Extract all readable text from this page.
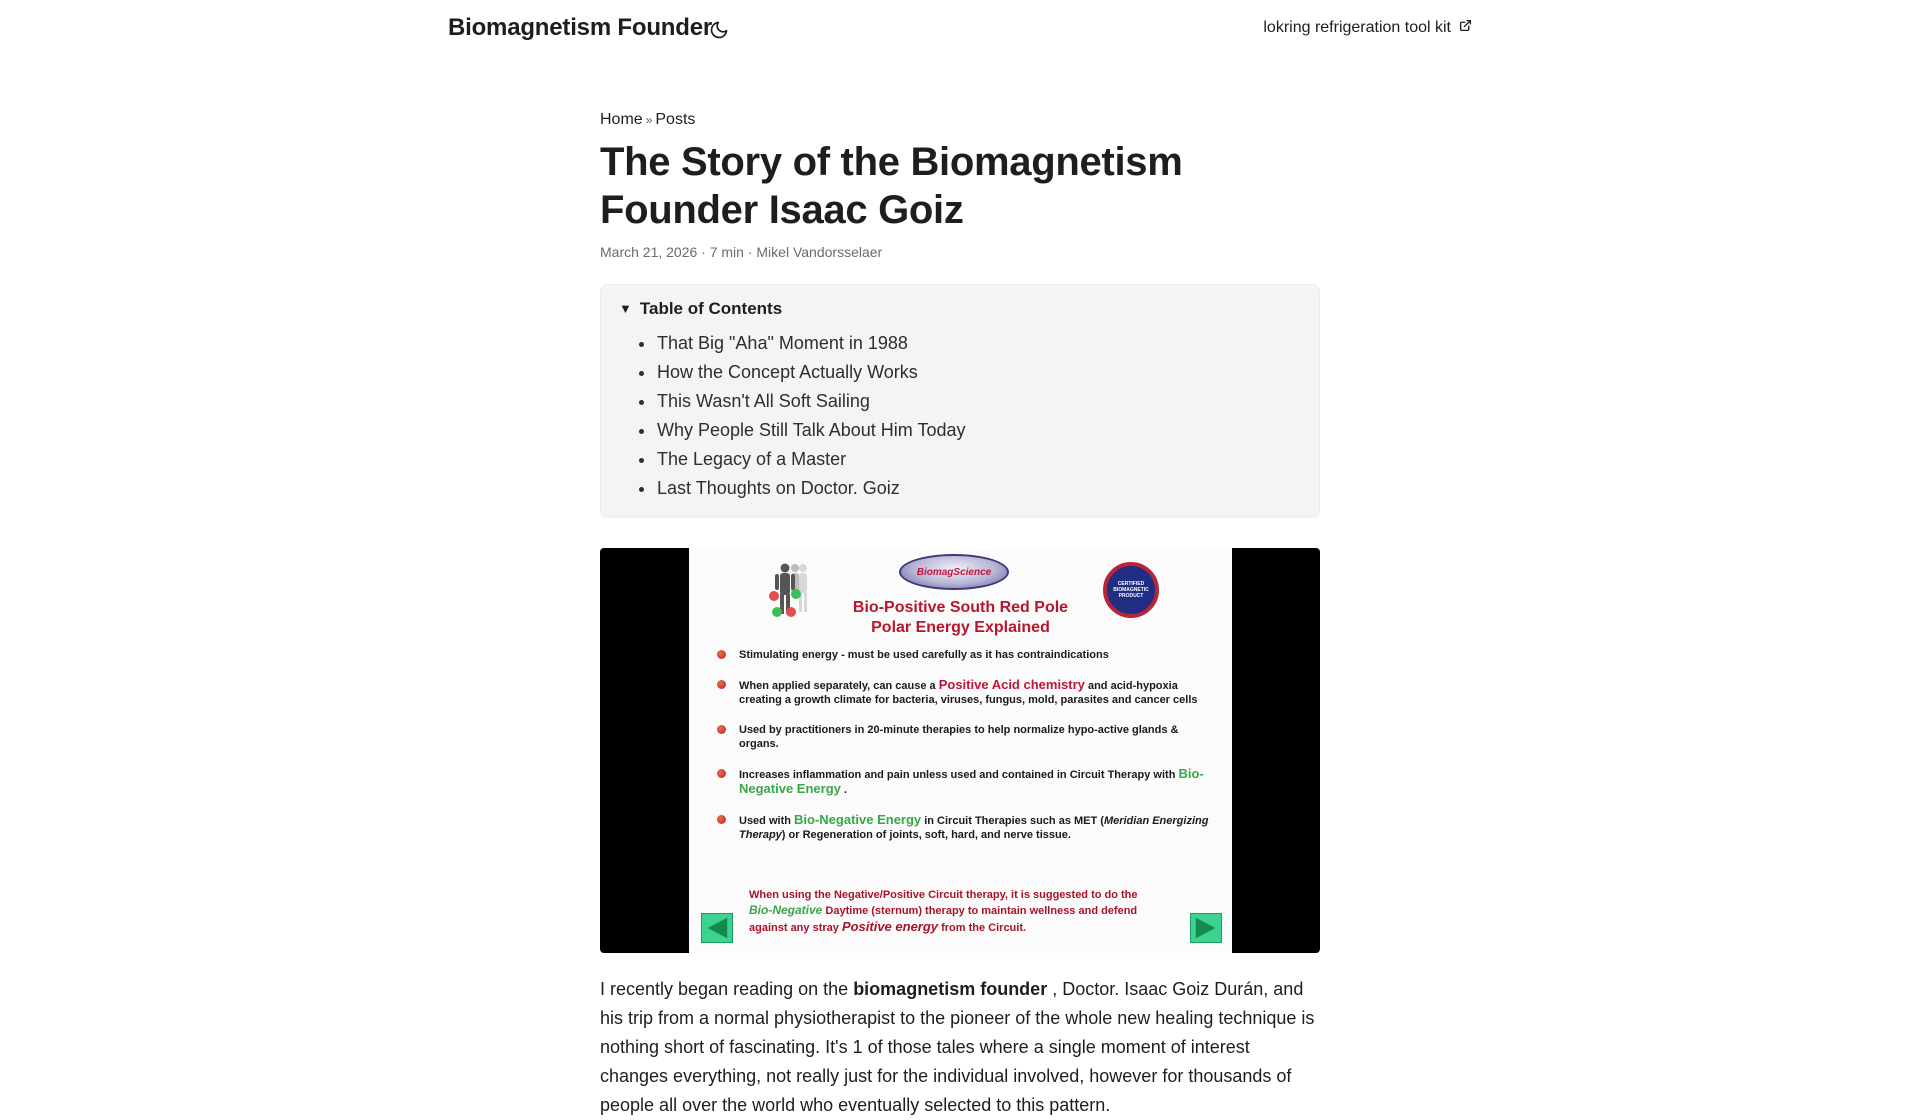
Biomagnetism Founder	lokring refrigeration tool kit
Home » Posts
The Story of the Biomagnetism Founder Isaac Goiz
March 21, 2026 · 7 min · Mikel Vandorsselaer
▼ Table of Contents
That Big "Aha" Moment in 1988
How the Concept Actually Works
This Wasn't All Soft Sailing
Why People Still Talk About Him Today
The Legacy of a Master
Last Thoughts on Doctor. Goiz
BiomagScience
CERTIFIED BIOMAGNETIC PRODUCT
Bio-Positive South Red Pole
Polar Energy Explained
Stimulating energy - must be used carefully as it has contraindications
When applied separately, can cause a Positive Acid chemistry and acid-hypoxia creating a growth climate for bacteria, viruses, fungus, mold, parasites and cancer cells
Used by practitioners in 20-minute therapies to help normalize hypo-active glands & organs.
Increases inflammation and pain unless used and contained in Circuit Therapy with Bio-Negative Energy .
Used with Bio-Negative Energy in Circuit Therapies such as MET (Meridian Energizing Therapy) or Regeneration of joints, soft, hard, and nerve tissue.
When using the Negative/Positive Circuit therapy, it is suggested to do the
Bio-Negative Daytime (sternum) therapy to maintain wellness and defend
against any stray Positive energy from the Circuit.

I recently began reading on the biomagnetism founder , Doctor. Isaac Goiz Durán, and his trip from a normal physiotherapist to the pioneer of the whole new healing technique is nothing short of fascinating. It's 1 of those tales where a single moment of interest changes everything, not really just for the individual involved, however for thousands of people all over the world who eventually selected to this pattern.
